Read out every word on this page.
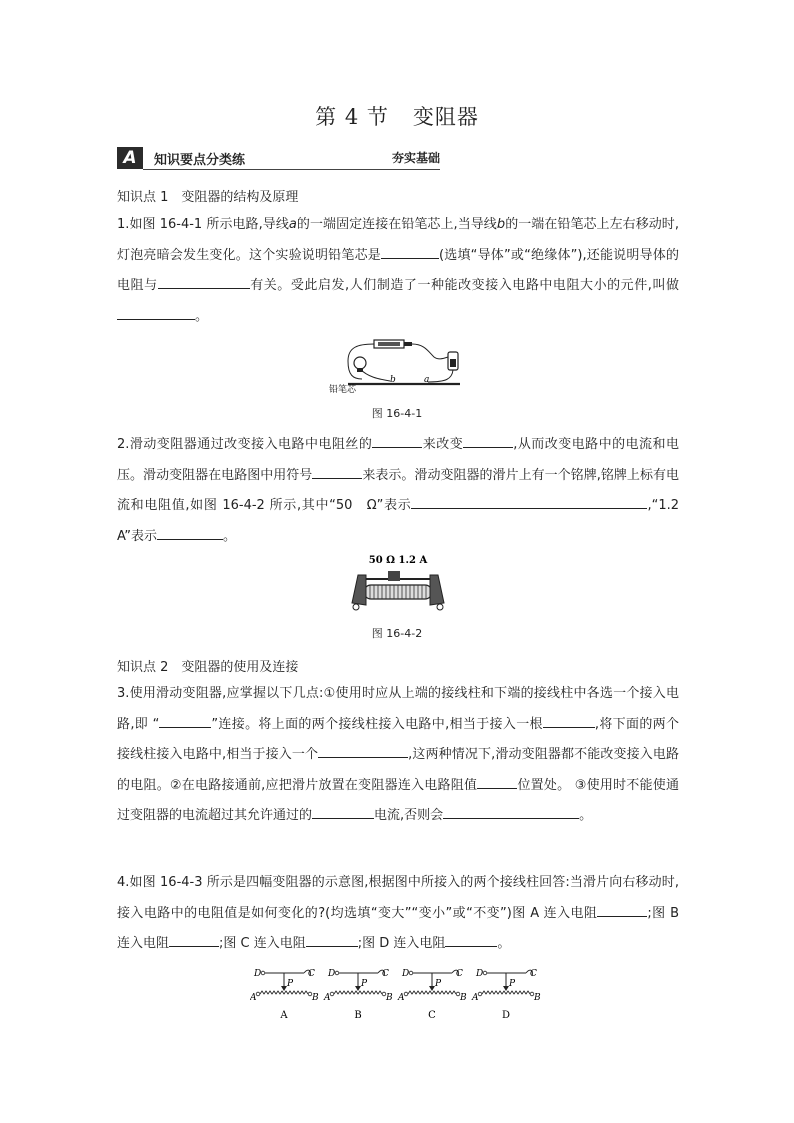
第 4 节 变阻器
A	知识要点分类练	夯实基础
知识点 1　变阻器的结构及原理
1.如图 16-4-1 所示电路,导线a的一端固定连接在铅笔芯上,当导线b的一端在铅笔芯上左右移动时,灯泡亮暗会发生变化。这个实验说明铅笔芯是	(选填“导体”或“绝缘体”),还能说明导体的电阻与	有关。受此启发,人们制造了一种能改变接入电路中电阻大小的元件,叫做。
铅笔芯
b	a
图 16-4-1
2.滑动变阻器通过改变接入电路中电阻丝的	来改变	,从而改变电路中的电流和电压。滑动变阻器在电路图中用符号	来表示。滑动变阻器的滑片上有一个铭牌,铭牌上标有电流和电阻值,如图 16-4-2 所示,其中“50　Ω”表示	,“1.2 A”表示	。
50 Ω 1.2 A
图 16-4-2
知识点 2　变阻器的使用及连接
3.使用滑动变阻器,应掌握以下几点:①使用时应从上端的接线柱和下端的接线柱中各选一个接入电路,即 “	”连接。将上面的两个接线柱接入电路中,相当于接入一根	,将下面的两个接线柱接入电路中,相当于接入一个	,这两种情况下,滑动变阻器都不能改变接入电路的电阻。②在电路接通前,应把滑片放置在变阻器连入电路阻值	位置处。 ③使用时不能使通过变阻器的电流超过其允许通过的	电流,否则会	。
4.如图 16-4-3 所示是四幅变阻器的示意图,根据图中所接入的两个接线柱回答:当滑片向右移动时,接入电路中的电阻值是如何变化的?(均选填“变大”“变小”或“不变”)图 A 连入电阻	;图 B 连入电阻	;图 C 连入电阻	;图 D 连入电阻	。
D	C
P
A	B
A
D	C
P
A	B
B
D	C
P
A	B
C
D	C
P
A	B
D
